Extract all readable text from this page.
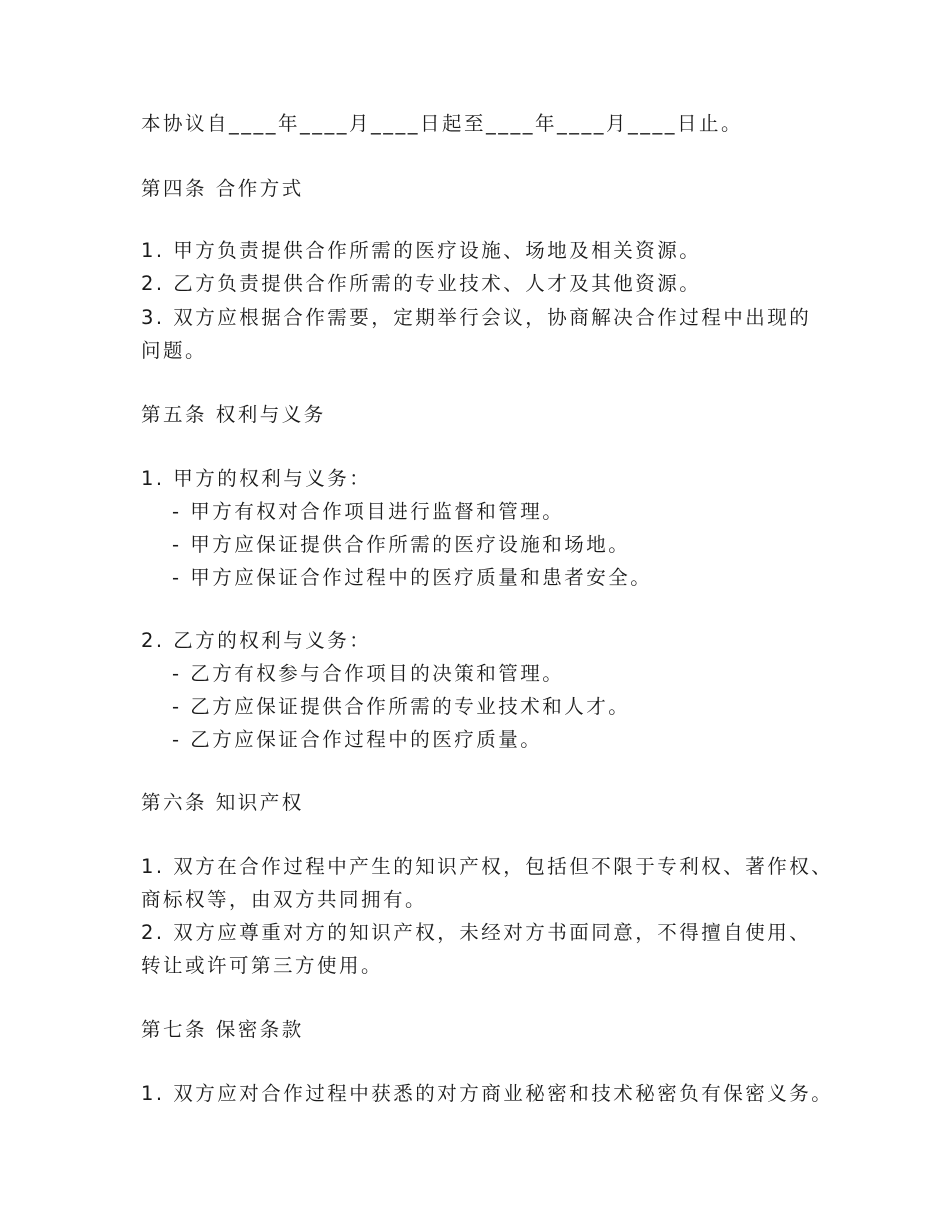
本协议自____年____月____日起至____年____月____日止。
第四条 合作方式
1. 甲方负责提供合作所需的医疗设施、场地及相关资源。
2. 乙方负责提供合作所需的专业技术、人才及其他资源。
3. 双方应根据合作需要，定期举行会议，协商解决合作过程中出现的
问题。
第五条 权利与义务
1. 甲方的权利与义务：
- 甲方有权对合作项目进行监督和管理。
- 甲方应保证提供合作所需的医疗设施和场地。
- 甲方应保证合作过程中的医疗质量和患者安全。
2. 乙方的权利与义务：
- 乙方有权参与合作项目的决策和管理。
- 乙方应保证提供合作所需的专业技术和人才。
- 乙方应保证合作过程中的医疗质量。
第六条 知识产权
1. 双方在合作过程中产生的知识产权，包括但不限于专利权、著作权、
商标权等，由双方共同拥有。
2. 双方应尊重对方的知识产权，未经对方书面同意，不得擅自使用、
转让或许可第三方使用。
第七条 保密条款
1. 双方应对合作过程中获悉的对方商业秘密和技术秘密负有保密义务。
